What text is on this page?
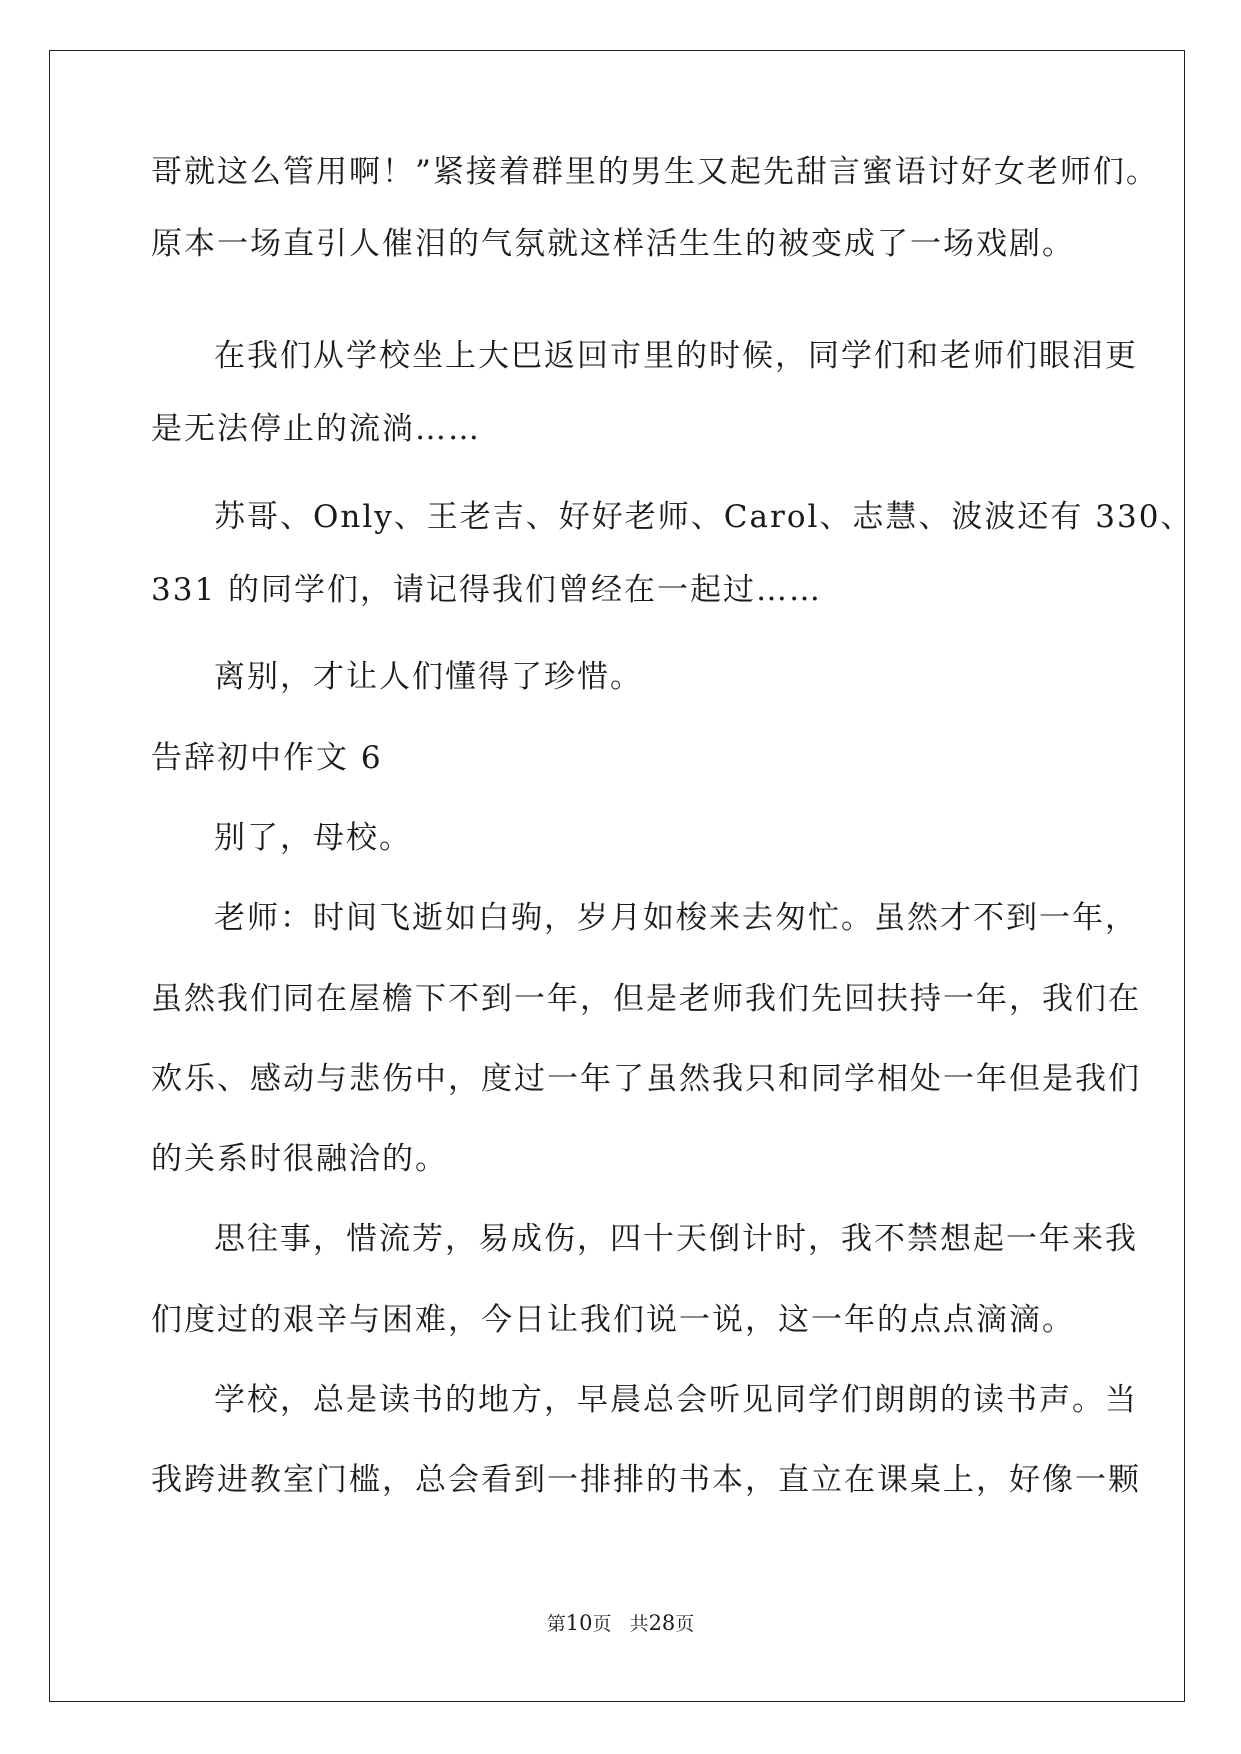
哥就这么管用啊！”紧接着群里的男生又起先甜言蜜语讨好女老师们。
原本一场直引人催泪的气氛就这样活生生的被变成了一场戏剧。
在我们从学校坐上大巴返回市里的时候，同学们和老师们眼泪更
是无法停止的流淌……
苏哥、Only、王老吉、好好老师、Carol、志慧、波波还有 330、
331 的同学们，请记得我们曾经在一起过……
离别，才让人们懂得了珍惜。
告辞初中作文 6
别了，母校。
老师：时间飞逝如白驹，岁月如梭来去匆忙。虽然才不到一年，
虽然我们同在屋檐下不到一年，但是老师我们先回扶持一年，我们在
欢乐、感动与悲伤中，度过一年了虽然我只和同学相处一年但是我们
的关系时很融洽的。
思往事，惜流芳，易成伤，四十天倒计时，我不禁想起一年来我
们度过的艰辛与困难，今日让我们说一说，这一年的点点滴滴。
学校，总是读书的地方，早晨总会听见同学们朗朗的读书声。当
我跨进教室门槛，总会看到一排排的书本，直立在课桌上，好像一颗
第10页   共28页
